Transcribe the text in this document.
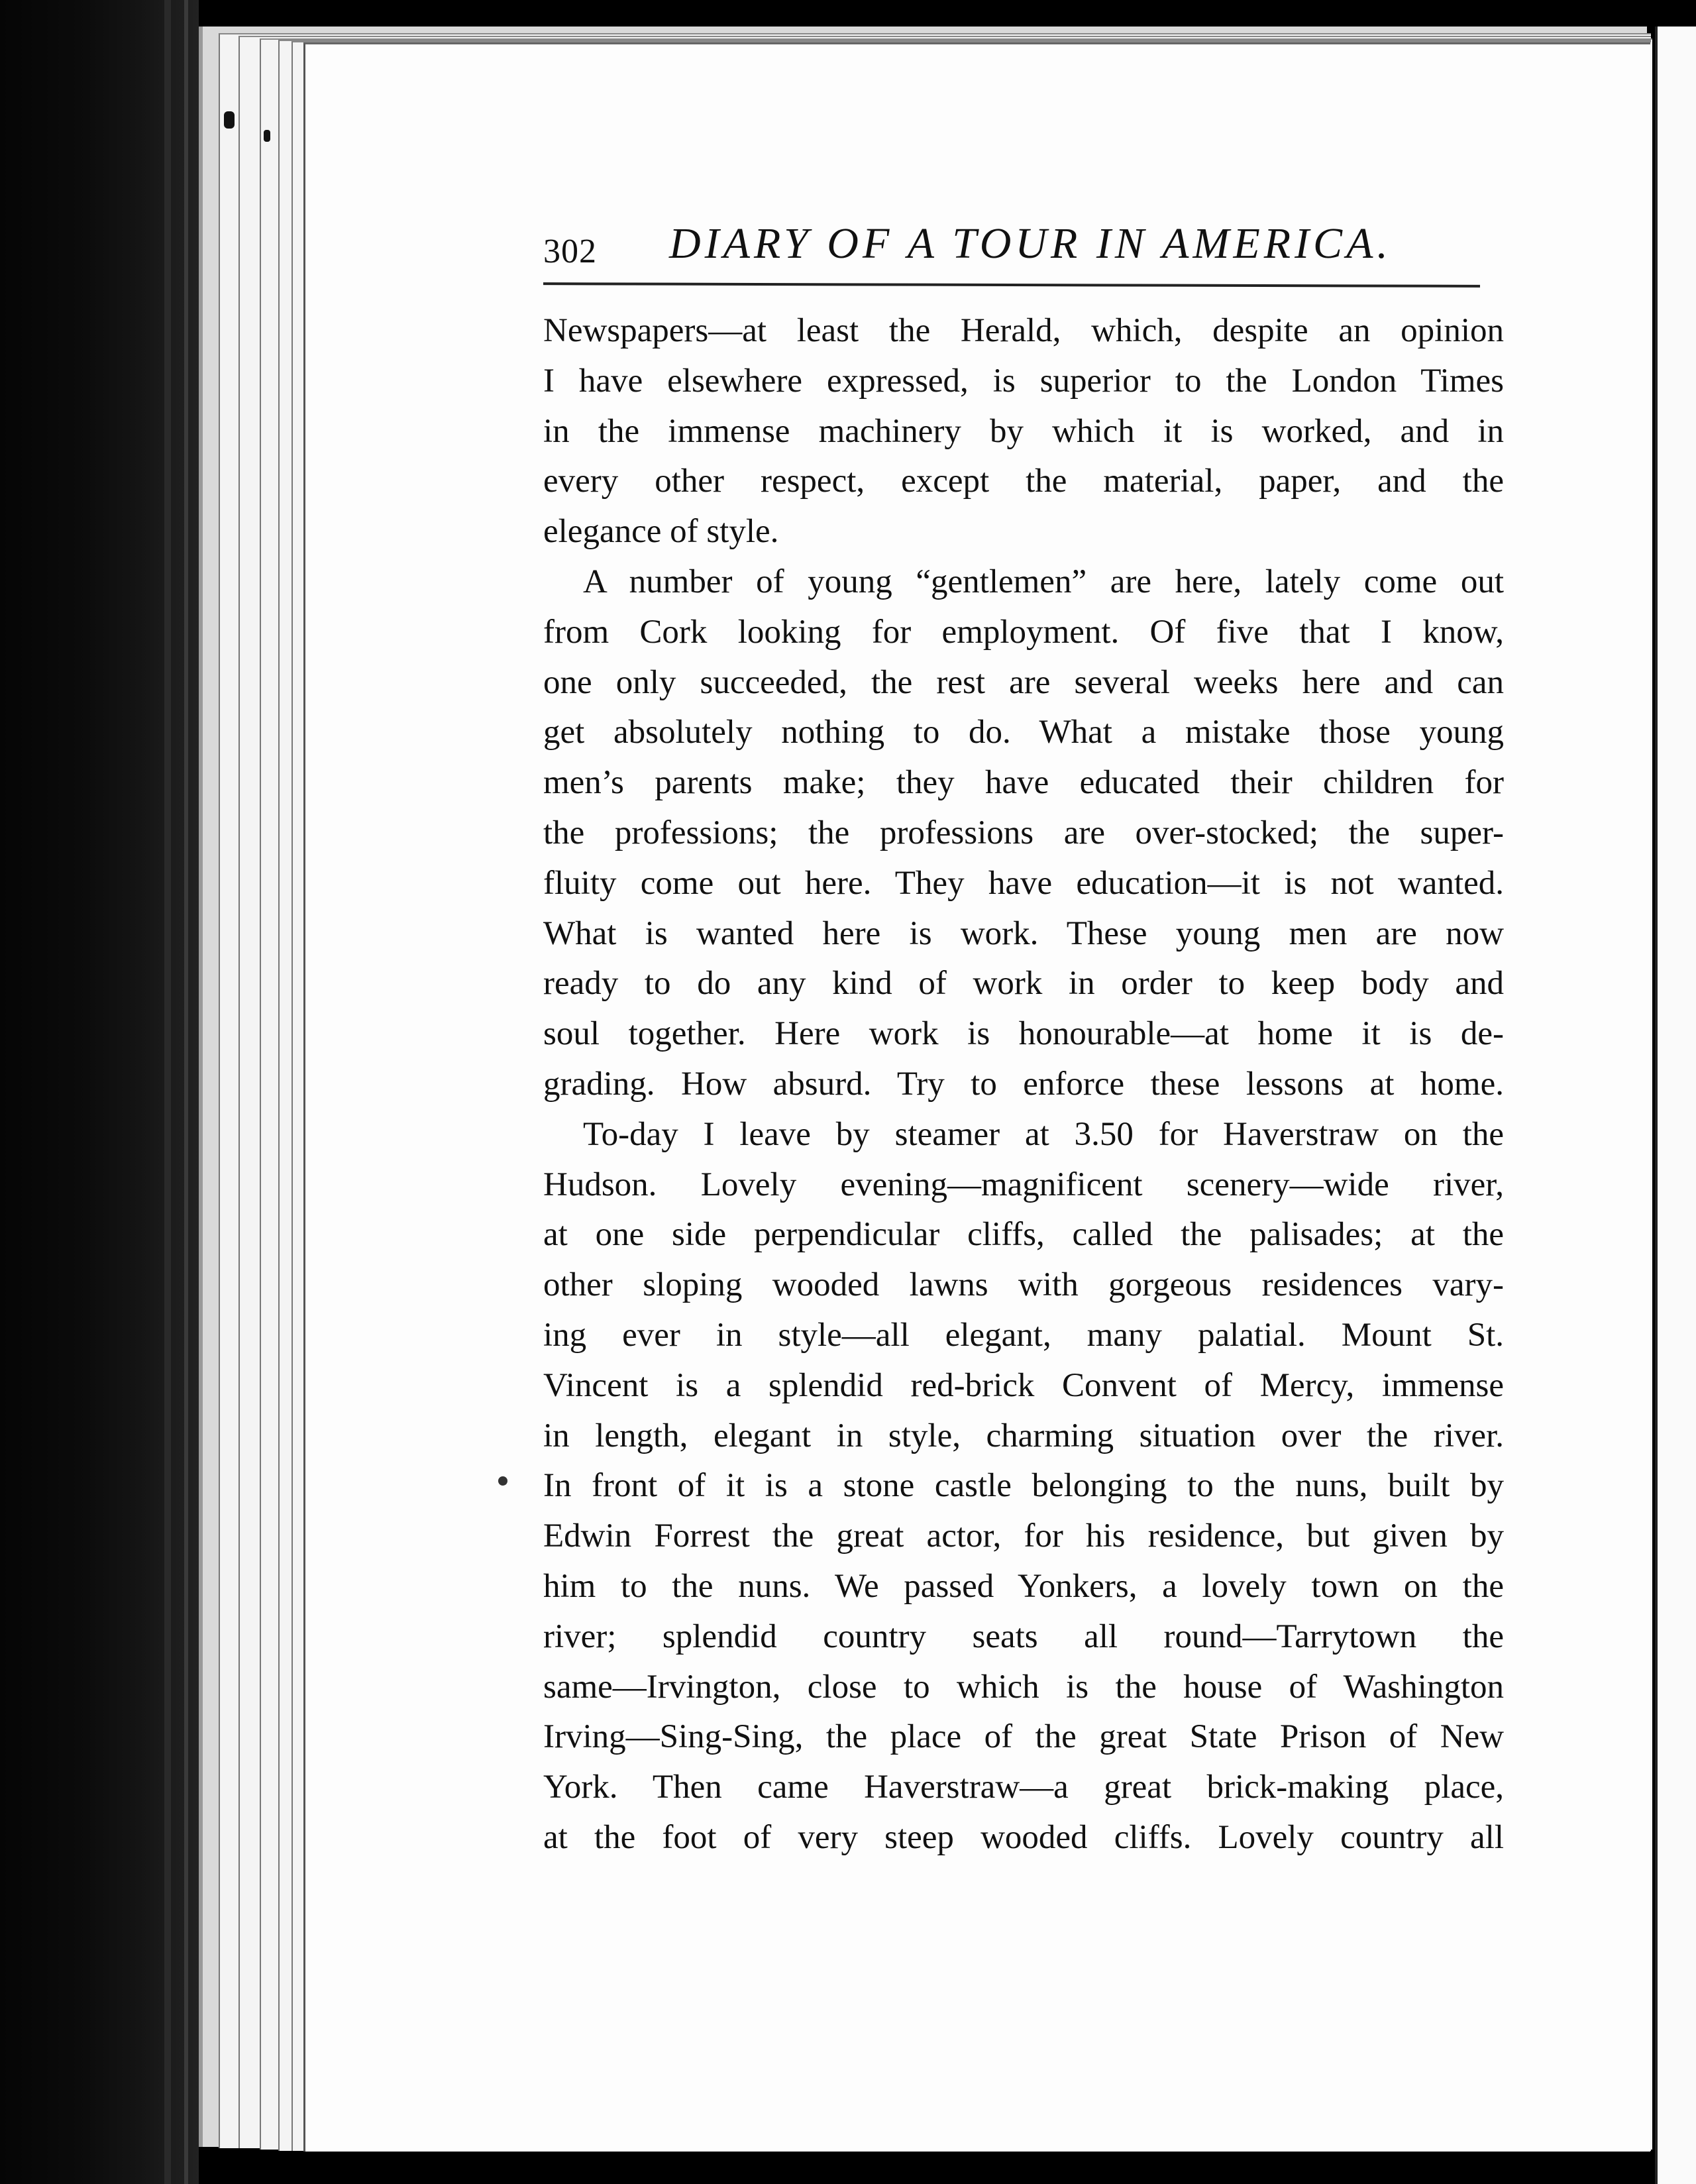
302 DIARY OF A TOUR IN AMERICA.

Newspapers—at least the Herald, which, despite an opinion
I have elsewhere expressed, is superior to the London Times
in the immense machinery by which it is worked, and in
every other respect, except the material, paper, and the
elegance of style.

A number of young “gentlemen” are here, lately come out
from Cork looking for employment. Of five that I know,
one only succeeded, the rest are several weeks here and can
get absolutely nothing to do. What a mistake those young
men’s parents make; they have educated their children for
the professions; the professions are over-stocked; the super-
fluity come out here. They have education—it is not wanted.
What is wanted here is work. These young men are now
ready to do any kind of work in order to keep body and
soul together. Here work is honourable—at home it is de-
grading. How absurd. Try to enforce these lessons at home.

To-day I leave by steamer at 3.50 for Haverstraw on the
Hudson. Lovely evening—magnificent scenery—wide river,
at one side perpendicular cliffs, called the palisades; at the
other sloping wooded lawns with gorgeous residences vary-
ing ever in style—all elegant, many palatial. Mount St.
Vincent is a splendid red-brick Convent of Mercy, immense
in length, elegant in style, charming situation over the river.
In front of it is a stone castle belonging to the nuns, built by
Edwin Forrest the great actor, for his residence, but given by
him to the nuns. We passed Yonkers, a lovely town on the
river; splendid country seats all round—Tarrytown the
same—Irvington, close to which is the house of Washington
Irving—Sing-Sing, the place of the great State Prison of New
York. Then came Haverstraw—a great brick-making place,
at the foot of very steep wooded cliffs. Lovely country all
